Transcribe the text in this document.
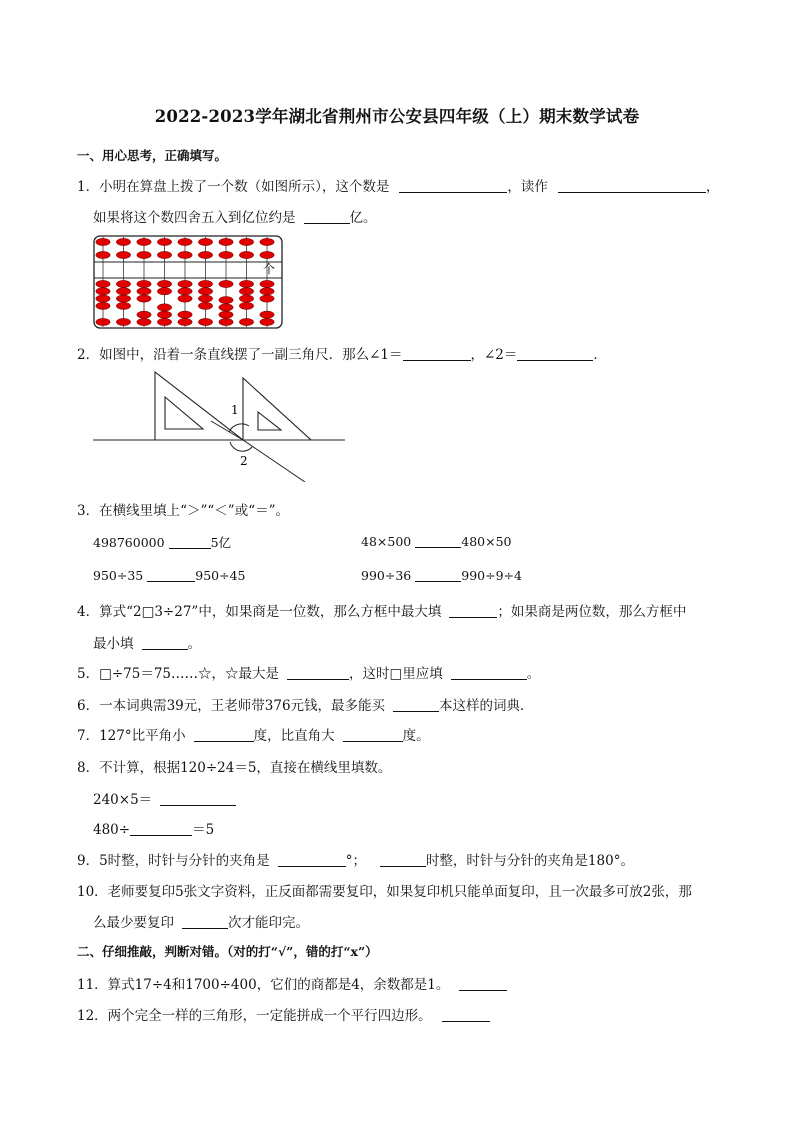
2022-2023学年湖北省荆州市公安县四年级（上）期末数学试卷
一、用心思考，正确填写。
1．小明在算盘上拨了一个数（如图所示），这个数是	，读作	，
如果将这个数四舍五入到亿位约是	亿。
个
2．如图中，沿着一条直线摆了一副三角尺．那么∠1＝	，∠2＝	．
1
2
3．在横线里填上“＞”“＜”或“＝”。
498760000	5亿	48×500	480×50
950÷35	950÷45	990÷36	990÷9÷4
4．算式“2□3÷27”中，如果商是一位数，那么方框中最大填	；如果商是两位数，那么方框中
最小填	。
5．□÷75＝75……☆，☆最大是	，这时□里应填	。
6．一本词典需39元，王老师带376元钱，最多能买	本这样的词典．
7．127°比平角小	度，比直角大	度。
8．不计算，根据120÷24＝5，直接在横线里填数。
240×5＝
480÷	＝5
9．5时整，时针与分针的夹角是	°；	时整，时针与分针的夹角是180°。
10．老师要复印5张文字资料，正反面都需要复印，如果复印机只能单面复印，且一次最多可放2张，那
么最少要复印	次才能印完。
二、仔细推敲，判断对错。（对的打“√”，错的打“x”）
11．算式17÷4和1700÷400，它们的商都是4，余数都是1。
12．两个完全一样的三角形，一定能拼成一个平行四边形。
